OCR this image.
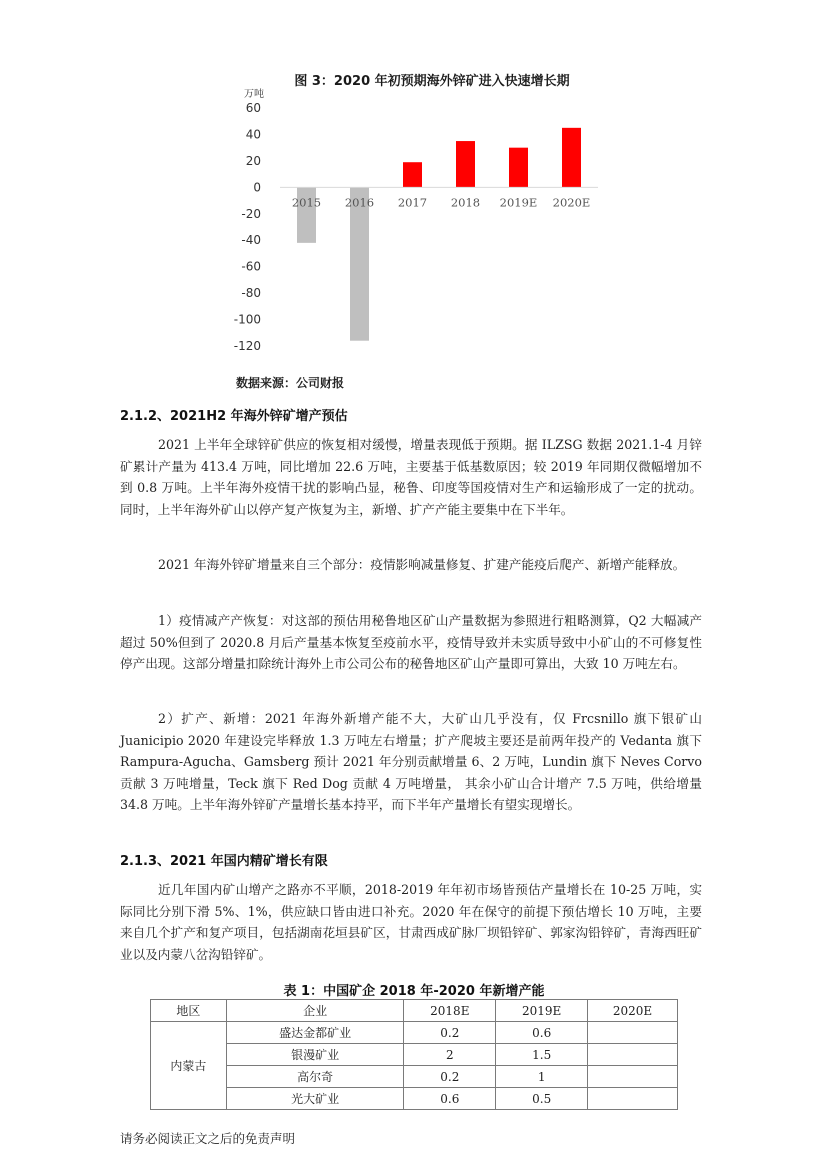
图 3：2020 年初预期海外锌矿进入快速增长期
万吨
60
40
20
0
-20
-40
-60
-80
-100
-120
2015 2016 2017 2018 2019E 2020E
数据来源：公司财报
2.1.2、2021H2 年海外锌矿增产预估

2021 上半年全球锌矿供应的恢复相对缓慢，增量表现低于预期。据 ILZSG 数据 2021.1-4 月锌矿累计产量为 413.4 万吨，同比增加 22.6 万吨，主要基于低基数原因；较 2019 年同期仅微幅增加不到 0.8 万吨。上半年海外疫情干扰的影响凸显，秘鲁、印度等国疫情对生产和运输形成了一定的扰动。同时，上半年海外矿山以停产复产恢复为主，新增、扩产产能主要集中在下半年。

2021 年海外锌矿增量来自三个部分：疫情影响减量修复、扩建产能疫后爬产、新增产能释放。

1）疫情减产产恢复：对这部的预估用秘鲁地区矿山产量数据为参照进行粗略测算，Q2 大幅减产超过 50%但到了 2020.8 月后产量基本恢复至疫前水平，疫情导致并未实质导致中小矿山的不可修复性停产出现。这部分增量扣除统计海外上市公司公布的秘鲁地区矿山产量即可算出，大致 10 万吨左右。

2）扩产、新增：2021 年海外新增产能不大，大矿山几乎没有，仅 Frcsnillo 旗下银矿山 Juanicipio 2020 年建设完毕释放 1.3 万吨左右增量；扩产爬坡主要还是前两年投产的 Vedanta 旗下 Rampura-Agucha、Gamsberg 预计 2021 年分别贡献增量 6、2 万吨，Lundin 旗下 Neves Corvo 贡献 3 万吨增量，Teck 旗下 Red Dog 贡献 4 万吨增量， 其余小矿山合计增产 7.5 万吨，供给增量 34.8 万吨。上半年海外锌矿产量增长基本持平，而下半年产量增长有望实现增长。

2.1.3、2021 年国内精矿增长有限

近几年国内矿山增产之路亦不平顺，2018-2019 年年初市场皆预估产量增长在 10-25 万吨，实际同比分别下滑 5%、1%，供应缺口皆由进口补充。2020 年在保守的前提下预估增长 10 万吨，主要来自几个扩产和复产项目，包括湖南花垣县矿区，甘肃西成矿脉厂坝铅锌矿、郭家沟铅锌矿，青海西旺矿业以及内蒙八岔沟铅锌矿。

表 1：中国矿企 2018 年-2020 年新增产能
地区	企业	2018E	2019E	2020E
内蒙古	盛达金都矿业	0.2	0.6	
	银漫矿业	2	1.5	
	高尔奇	0.2	1	
	光大矿业	0.6	0.5	
请务必阅读正文之后的免责声明
